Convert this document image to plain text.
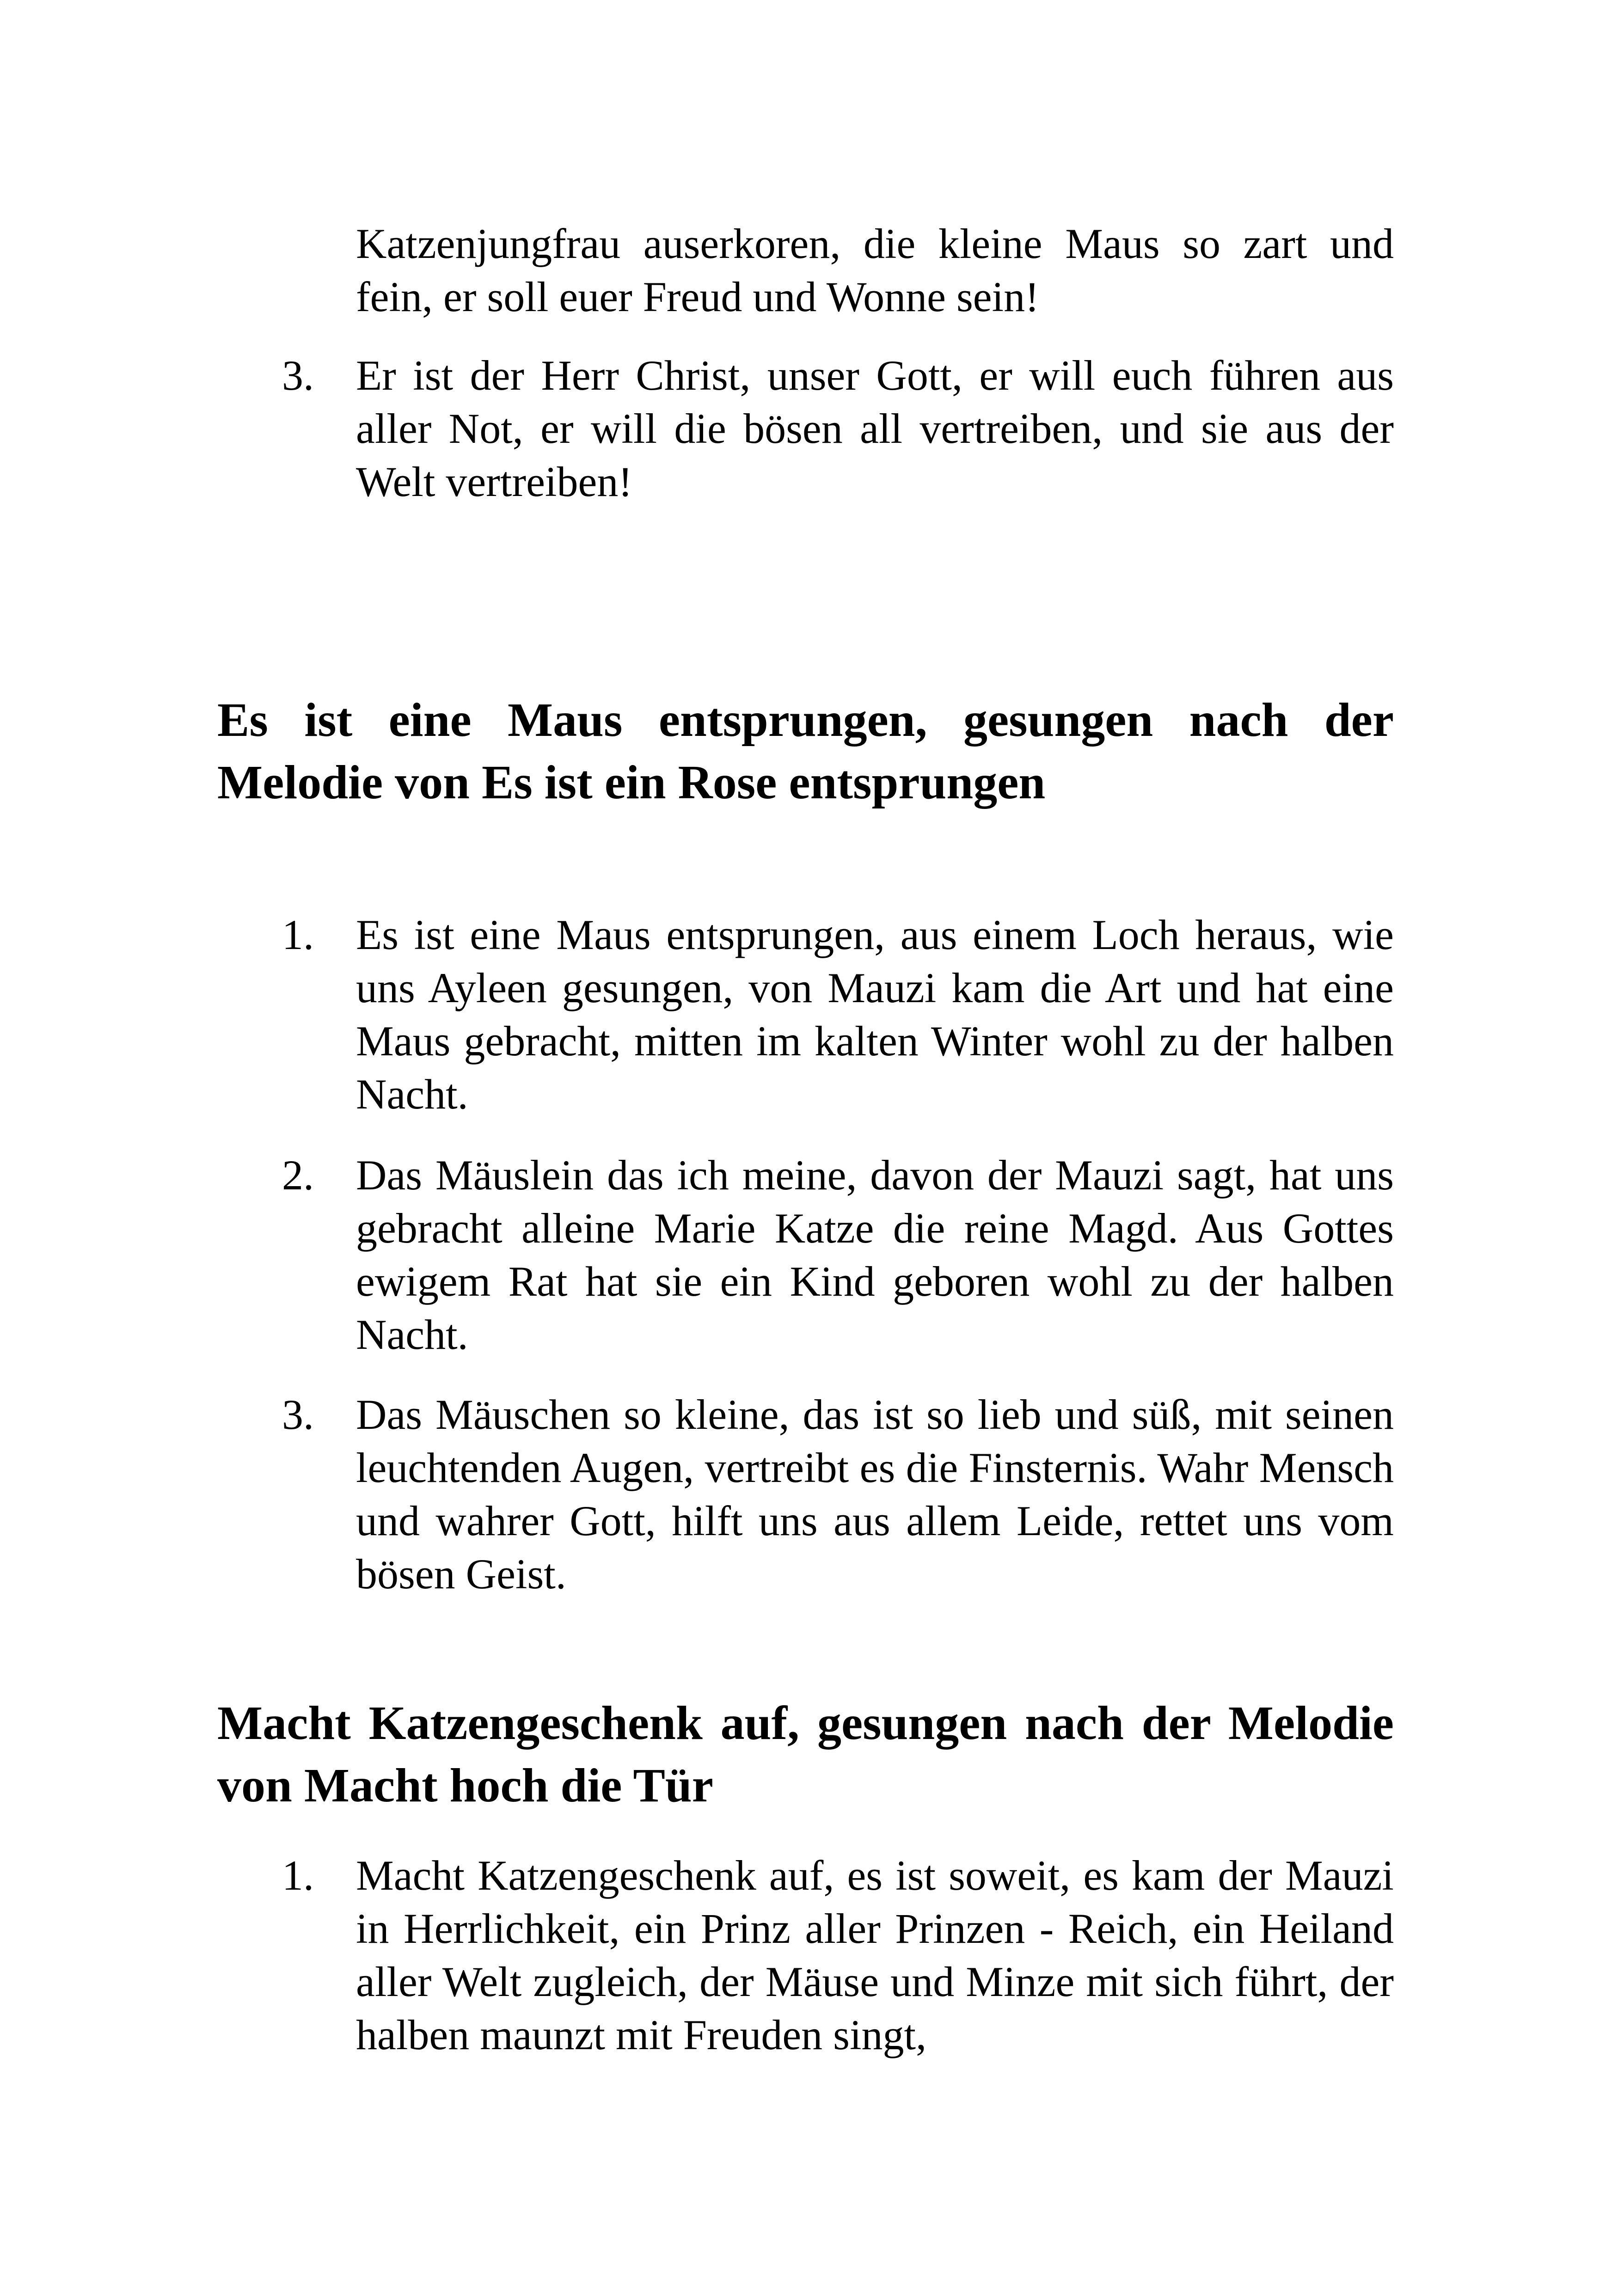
Katzenjungfrau auserkoren, die kleine Maus so zart und fein, er soll euer Freud und Wonne sein!

3. Er ist der Herr Christ, unser Gott, er will euch führen aus aller Not, er will die bösen all vertreiben, und sie aus der Welt vertreiben!

Es ist eine Maus entsprungen, gesungen nach der Melodie von Es ist ein Rose entsprungen
1. Es ist eine Maus entsprungen, aus einem Loch heraus, wie uns Ayleen gesungen, von Mauzi kam die Art und hat eine Maus gebracht, mitten im kalten Winter wohl zu der halben Nacht.

2. Das Mäuslein das ich meine, davon der Mauzi sagt, hat uns gebracht alleine Marie Katze die reine Magd. Aus Gottes ewigem Rat hat sie ein Kind geboren wohl zu der halben Nacht.

3. Das Mäuschen so kleine, das ist so lieb und süß, mit seinen leuchtenden Augen, vertreibt es die Finsternis. Wahr Mensch und wahrer Gott, hilft uns aus allem Leide, rettet uns vom bösen Geist.

Macht Katzengeschenk auf, gesungen nach der Melodie von Macht hoch die Tür
1. Macht Katzengeschenk auf, es ist soweit, es kam der Mauzi in Herrlichkeit, ein Prinz aller Prinzen - Reich, ein Heiland aller Welt zugleich, der Mäuse und Minze mit sich führt, der halben maunzt mit Freuden singt,
